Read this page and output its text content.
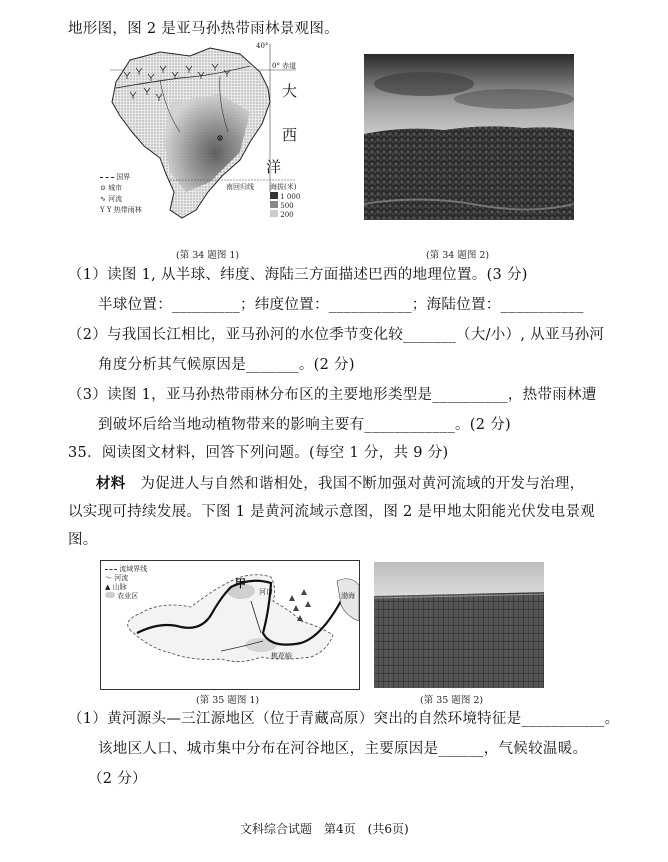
地形图，图 2 是亚马孙热带雨林景观图。
40°
0° 赤道
大
西
洋
南回归线
国界
⊙ 城市
∿ 河流
Y Y 热带雨林
海拔(米)
1 000
500
200
(第 34 题图 1)	(第 34 题图 2)
（1）读图 1, 从半球、纬度、海陆三方面描述巴西的地理位置。(3 分)
半球位置：_________；纬度位置：___________；海陆位置：___________
（2）与我国长江相比，亚马孙河的水位季节变化较_______（大/小）, 从亚马孙河
角度分析其气候原因是_______。(2 分)
（3）读图 1，亚马孙热带雨林分布区的主要地形类型是__________，热带雨林遭
到破坏后给当地动植物带来的影响主要有____________。(2 分)
35．阅读图文材料，回答下列问题。(每空 1 分，共 9 分)
材料　 为促进人与自然和谐相处，我国不断加强对黄河流域的开发与治理，
以实现可持续发展。下图 1 是黄河流域示意图，图 2 是甲地太阳能光伏发电景观
图。
流域界线
～ 河流
▲ 山脉
农业区
甲
河口	渤海
桃花峪
(第 35 题图 1)	(第 35 题图 2)
（1）黄河源头—三江源地区（位于青藏高原）突出的自然环境特征是___________。
该地区人口、城市集中分布在河谷地区，主要原因是______，气候较温暖。
（2 分）
文科综合试题　第4页　(共6页)
